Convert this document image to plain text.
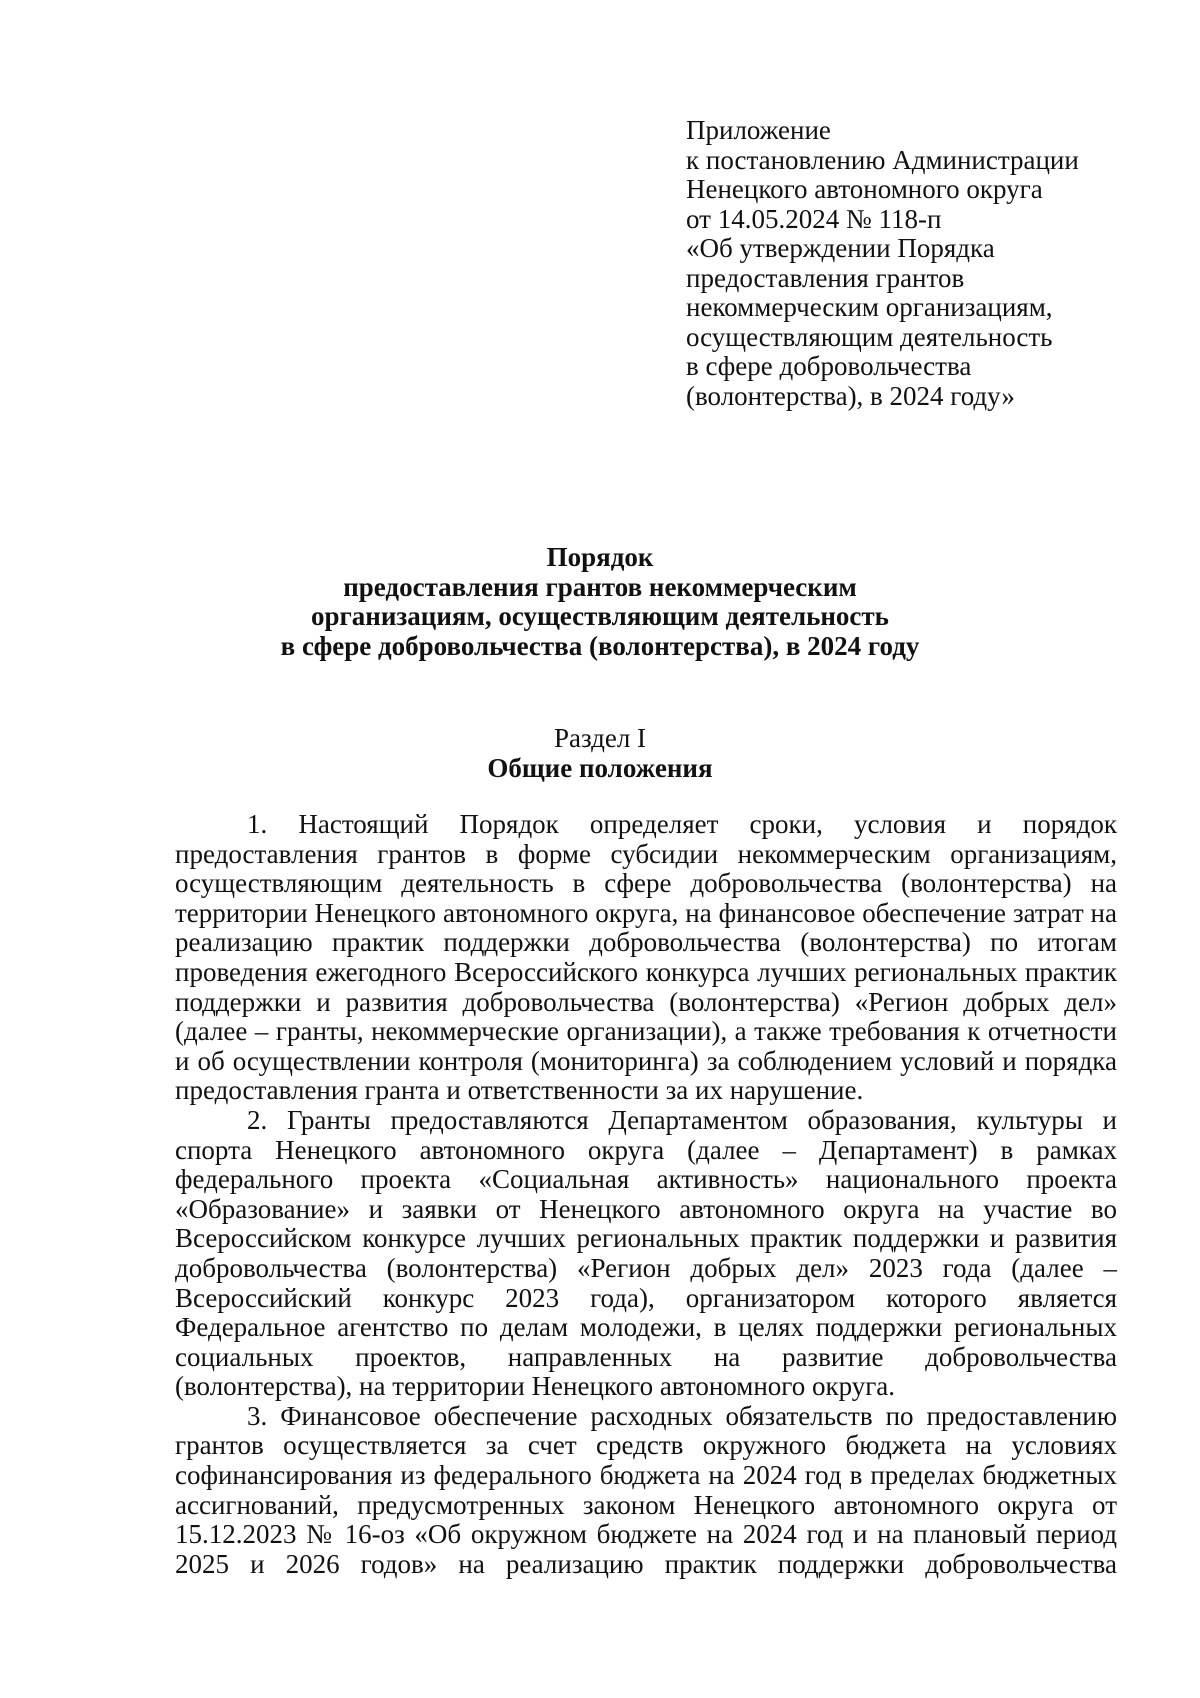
Приложение
к постановлению Администрации
Ненецкого автономного округа
от 14.05.2024 № 118-п
«Об утверждении Порядка
предоставления грантов
некоммерческим организациям,
осуществляющим деятельность
в сфере добровольчества
(волонтерства), в 2024 году»
Порядок
предоставления грантов некоммерческим
организациям, осуществляющим деятельность
в сфере добровольчества (волонтерства), в 2024 году
Раздел I
Общие положения

1. Настоящий Порядок определяет сроки, условия и порядок предоставления грантов в форме субсидии некоммерческим организациям, осуществляющим деятельность в сфере добровольчества (волонтерства) на территории Ненецкого автономного округа, на финансовое обеспечение затрат на реализацию практик поддержки добровольчества (волонтерства) по итогам проведения ежегодного Всероссийского конкурса лучших региональных практик поддержки и развития добровольчества (волонтерства) «Регион добрых дел» (далее – гранты, некоммерческие организации), а также требования к отчетности и об осуществлении контроля (мониторинга) за соблюдением условий и порядка предоставления гранта и ответственности за их нарушение.

2. Гранты предоставляются Департаментом образования, культуры и спорта Ненецкого автономного округа (далее – Департамент) в рамках федерального проекта «Социальная активность» национального проекта «Образование» и заявки от Ненецкого автономного округа на участие во Всероссийском конкурсе лучших региональных практик поддержки и развития добровольчества (волонтерства) «Регион добрых дел» 2023 года (далее – Всероссийский конкурс 2023 года), организатором которого является Федеральное агентство по делам молодежи, в целях поддержки региональных социальных проектов, направленных на развитие добровольчества (волонтерства), на территории Ненецкого автономного округа.

3. Финансовое обеспечение расходных обязательств по предоставлению грантов осуществляется за счет средств окружного бюджета на условиях софинансирования из федерального бюджета на 2024 год в пределах бюджетных ассигнований, предусмотренных законом Ненецкого автономного округа от 15.12.2023 № 16-оз «Об окружном бюджете на 2024 год и на плановый период 2025 и 2026 годов» на реализацию практик поддержки добровольчества
